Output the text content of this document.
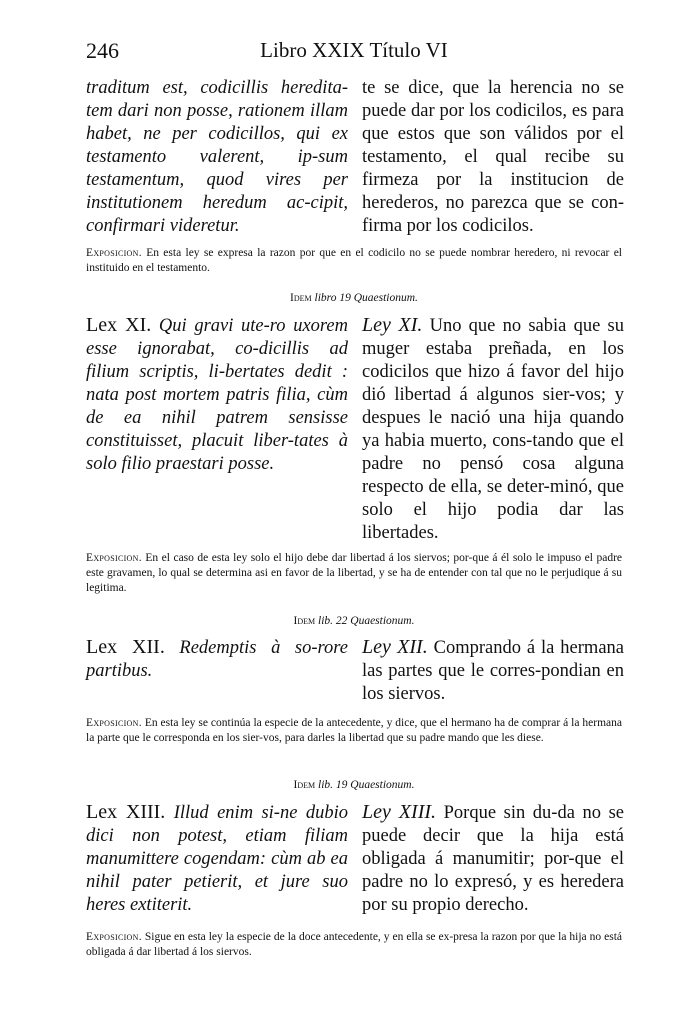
246	Libro XXIX Título VI

traditum est, codicillis heredita-tem dari non posse, rationem illam habet, ne per codicillos, qui ex testamento valerent, ip-sum testamentum, quod vires per institutionem heredum ac-cipit, confirmari videretur.

te se dice, que la herencia no se puede dar por los codicilos, es para que estos que son válidos por el testamento, el qual recibe su firmeza por la institucion de herederos, no parezca que se con-firma por los codicilos.

Exposicion. En esta ley se expresa la razon por que en el codicilo no se puede nombrar heredero, ni revocar el instituido en el testamento.

Idem libro 19 Quaestionum.

Lex XI. Qui gravi ute-ro uxorem esse ignorabat, co-dicillis ad filium scriptis, li-bertates dedit : nata post mortem patris filia, cùm de ea nihil patrem sensisse constituisset, placuit liber-tates à solo filio praestari posse.

Ley XI. Uno que no sabia que su muger estaba preñada, en los codicilos que hizo á favor del hijo dió libertad á algunos sier-vos; y despues le nació una hija quando ya habia muerto, cons-tando que el padre no pensó cosa alguna respecto de ella, se deter-minó, que solo el hijo podia dar las libertades.

Exposicion. En el caso de esta ley solo el hijo debe dar libertad á los siervos; por-que á él solo le impuso el padre este gravamen, lo qual se determina asi en favor de la libertad, y se ha de entender con tal que no le perjudique á su legitima.

Idem lib. 22 Quaestionum.

Lex XII. Redemptis à so-rore partibus.

Ley XII. Comprando á la hermana las partes que le corres-pondian en los siervos.

Exposicion. En esta ley se continúa la especie de la antecedente, y dice, que el hermano ha de comprar á la hermana la parte que le corresponda en los sier-vos, para darles la libertad que su padre mando que les diese.

Idem lib. 19 Quaestionum.

Lex XIII. Illud enim si-ne dubio dici non potest, etiam filiam manumittere cogendam: cùm ab ea nihil pater petierit, et jure suo heres extiterit.

Ley XIII. Porque sin du-da no se puede decir que la hija está obligada á manumitir; por-que el padre no lo expresó, y es heredera por su propio derecho.

Exposicion. Sigue en esta ley la especie de la doce antecedente, y en ella se ex-presa la razon por que la hija no está obligada á dar libertad á los siervos.
